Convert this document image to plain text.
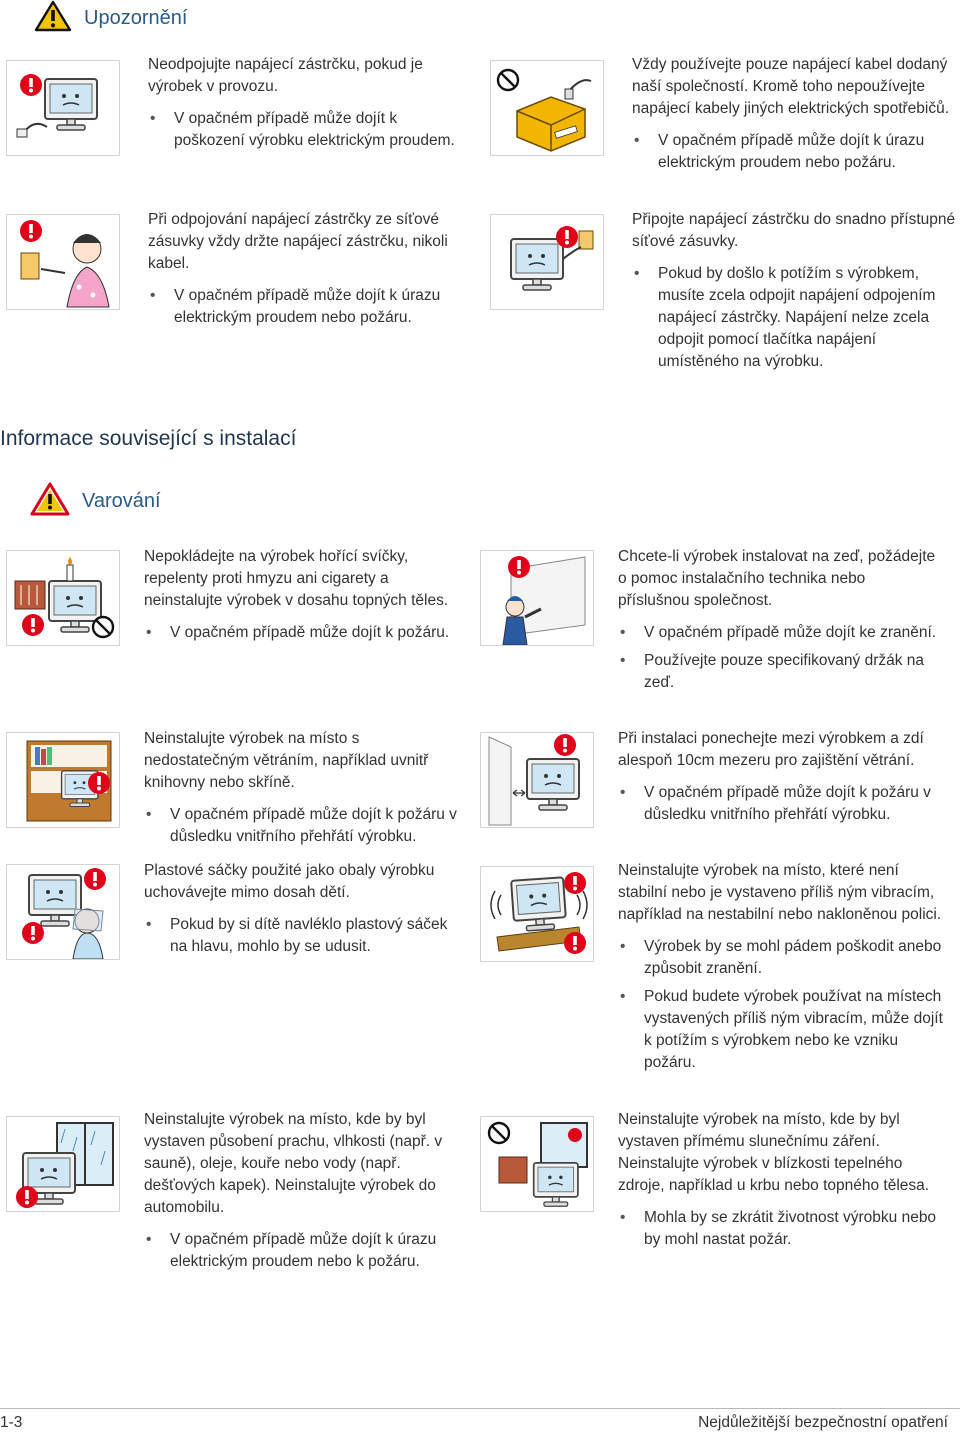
Upozornění

Neodpojujte napájecí zástrčku, pokud je výrobek v provozu.

• V opačném případě může dojít k poškození výrobku elektrickým proudem.

Vždy používejte pouze napájecí kabel dodaný naší společností. Kromě toho nepoužívejte napájecí kabely jiných elektrických spotřebičů.

• V opačném případě může dojít k úrazu elektrickým proudem nebo požáru.

Při odpojování napájecí zástrčky ze síťové zásuvky vždy držte napájecí zástrčku, nikoli kabel.

• V opačném případě může dojít k úrazu elektrickým proudem nebo požáru.

Připojte napájecí zástrčku do snadno přístupné síťové zásuvky.

• Pokud by došlo k potížím s výrobkem, musíte zcela odpojit napájení odpojením napájecí zástrčky. Napájení nelze zcela odpojit pomocí tlačítka napájení umístěného na výrobku.
Informace související s instalací
Varování

Nepokládejte na výrobek hořící svíčky, repelenty proti hmyzu ani cigarety a neinstalujte výrobek v dosahu topných těles.

• V opačném případě může dojít k požáru.

Chcete-li výrobek instalovat na zeď, požádejte o pomoc instalačního technika nebo příslušnou společnost.

• V opačném případě může dojít ke zranění.
• Používejte pouze specifikovaný držák na zeď.

Neinstalujte výrobek na místo s nedostatečným větráním, například uvnitř knihovny nebo skříně.

• V opačném případě může dojít k požáru v důsledku vnitřního přehřátí výrobku.

Při instalaci ponechejte mezi výrobkem a zdí alespoň 10cm mezeru pro zajištění větrání.

• V opačném případě může dojít k požáru v důsledku vnitřního přehřátí výrobku.

Plastové sáčky použité jako obaly výrobku uchovávejte mimo dosah dětí.

• Pokud by si dítě navléklo plastový sáček na hlavu, mohlo by se udusit.

Neinstalujte výrobek na místo, které není stabilní nebo je vystaveno příliš ným vibracím, například na nestabilní nebo nakloněnou polici.

• Výrobek by se mohl pádem poškodit anebo způsobit zranění.
• Pokud budete výrobek používat na místech vystavených příliš ným vibracím, může dojít k potížím s výrobkem nebo ke vzniku požáru.

Neinstalujte výrobek na místo, kde by byl vystaven působení prachu, vlhkosti (např. v sauně), oleje, kouře nebo vody (např. dešťových kapek). Neinstalujte výrobek do automobilu.

• V opačném případě může dojít k úrazu elektrickým proudem nebo k požáru.

Neinstalujte výrobek na místo, kde by byl vystaven přímému slunečnímu záření. Neinstalujte výrobek v blízkosti tepelného zdroje, například u krbu nebo topného tělesa.

• Mohla by se zkrátit životnost výrobku nebo by mohl nastat požár.
1-3	Nejdůležitější bezpečnostní opatření
